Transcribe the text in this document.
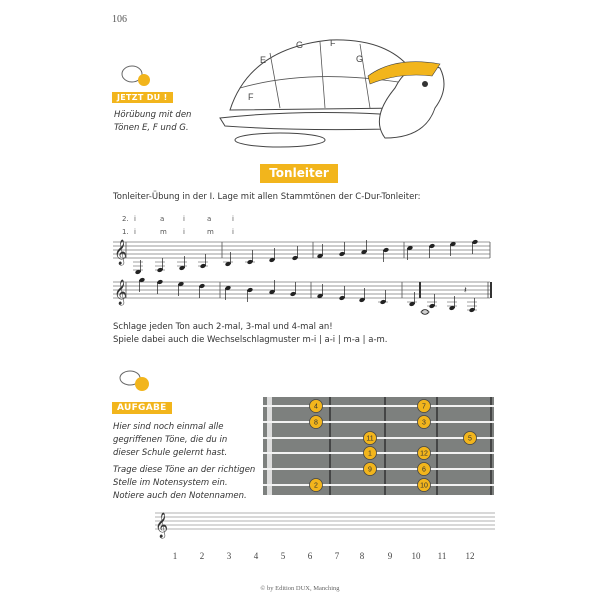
106
F
E
G	F
G
JETZT DU !
Hörübung mit den
Tönen E, F und G.
Tonleiter
Tonleiter-Übung in der I. Lage mit allen Stammtönen der C-Dur-Tonleiter:
2. i	a	i	a	i
1. i	m i	m	i
𝄞
𝄞	𝄽
Schlage jeden Ton auch 2-mal, 3-mal und 4-mal an!
Spiele dabei auch die Wechselschlagmuster m-i | a-i | m-a | a-m.
AUFGABE
Hier sind noch einmal alle
gegriffenen Töne, die du in
dieser Schule gelernt hast.
Trage diese Töne an der richtigen
Stelle im Notensystem ein.
Notiere auch den Notennamen.
4
8
7
3
11	5
1	12
9	6
2	10
𝄞
1	2	3	4	5	6	7	8	9	10	11	12
© by Edition DUX, Manching
